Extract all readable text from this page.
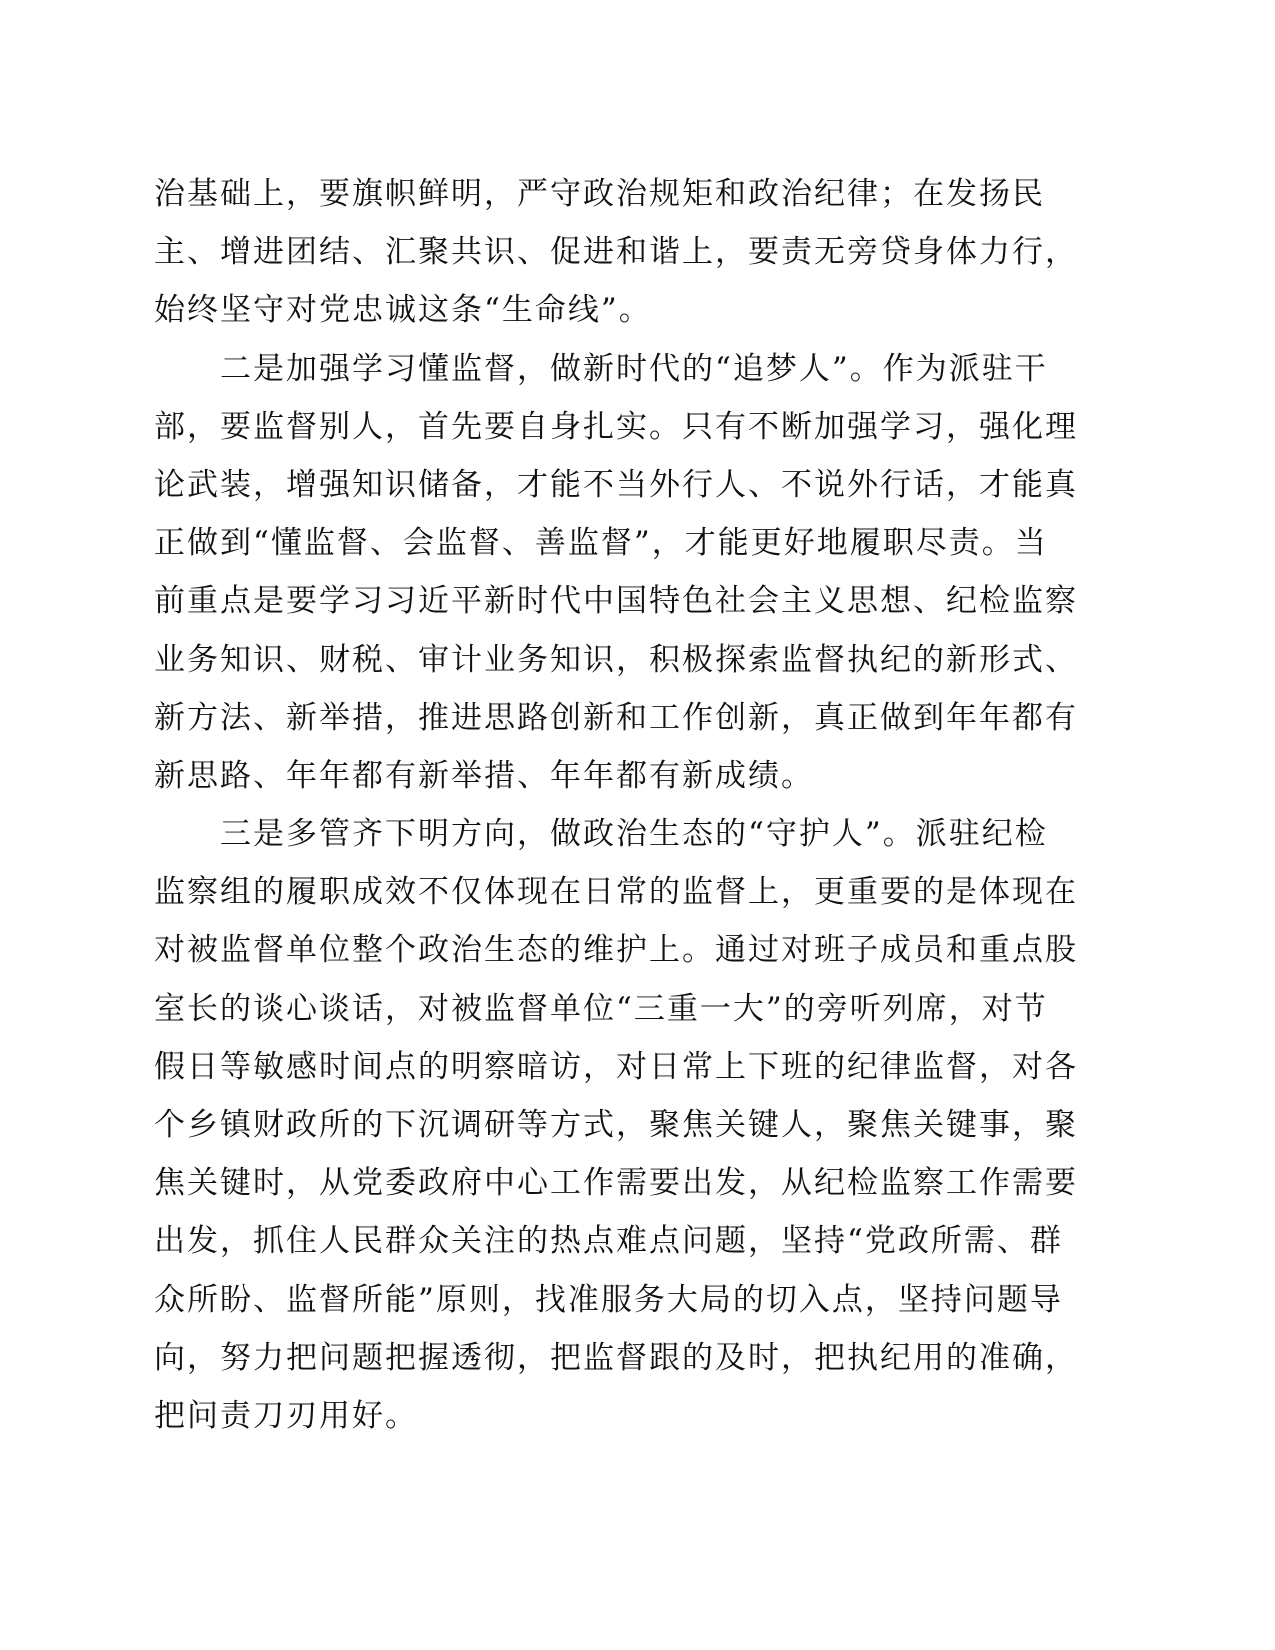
治基础上，要旗帜鲜明，严守政治规矩和政治纪律；在发扬民
主、增进团结、汇聚共识、促进和谐上，要责无旁贷身体力行，
始终坚守对党忠诚这条“生命线”。
二是加强学习懂监督，做新时代的“追梦人”。作为派驻干
部，要监督别人，首先要自身扎实。只有不断加强学习，强化理
论武装，增强知识储备，才能不当外行人、不说外行话，才能真
正做到“懂监督、会监督、善监督”，才能更好地履职尽责。当
前重点是要学习习近平新时代中国特色社会主义思想、纪检监察
业务知识、财税、审计业务知识，积极探索监督执纪的新形式、
新方法、新举措，推进思路创新和工作创新，真正做到年年都有
新思路、年年都有新举措、年年都有新成绩。
三是多管齐下明方向，做政治生态的“守护人”。派驻纪检
监察组的履职成效不仅体现在日常的监督上，更重要的是体现在
对被监督单位整个政治生态的维护上。通过对班子成员和重点股
室长的谈心谈话，对被监督单位“三重一大”的旁听列席，对节
假日等敏感时间点的明察暗访，对日常上下班的纪律监督，对各
个乡镇财政所的下沉调研等方式，聚焦关键人，聚焦关键事，聚
焦关键时，从党委政府中心工作需要出发，从纪检监察工作需要
出发，抓住人民群众关注的热点难点问题，坚持“党政所需、群
众所盼、监督所能”原则，找准服务大局的切入点，坚持问题导
向，努力把问题把握透彻，把监督跟的及时，把执纪用的准确，
把问责刀刃用好。
